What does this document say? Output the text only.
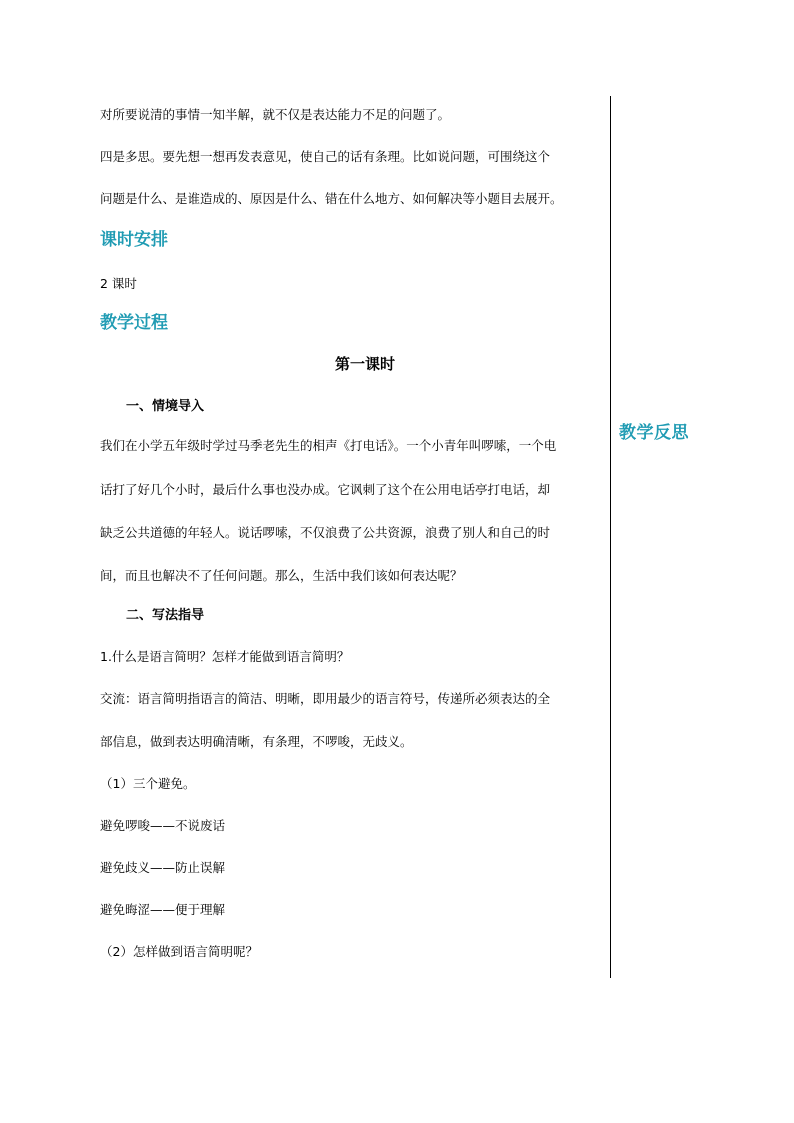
教学反思
对所要说清的事情一知半解，就不仅是表达能力不足的问题了。
四是多思。要先想一想再发表意见，使自己的话有条理。比如说问题，可围绕这个
问题是什么、是谁造成的、原因是什么、错在什么地方、如何解决等小题目去展开。
课时安排
2 课时
教学过程
第一课时
一、情境导入
我们在小学五年级时学过马季老先生的相声《打电话》。一个小青年叫啰嗦，一个电
话打了好几个小时，最后什么事也没办成。它讽刺了这个在公用电话亭打电话，却
缺乏公共道德的年轻人。说话啰嗦，不仅浪费了公共资源，浪费了别人和自己的时
间，而且也解决不了任何问题。那么，生活中我们该如何表达呢？
二、写法指导
1.什么是语言简明？怎样才能做到语言简明？
交流：语言简明指语言的简洁、明晰，即用最少的语言符号，传递所必须表达的全
部信息，做到表达明确清晰，有条理，不啰唆，无歧义。
（1）三个避免。
避免啰唆——不说废话
避免歧义——防止误解
避免晦涩——便于理解
（2）怎样做到语言简明呢？
